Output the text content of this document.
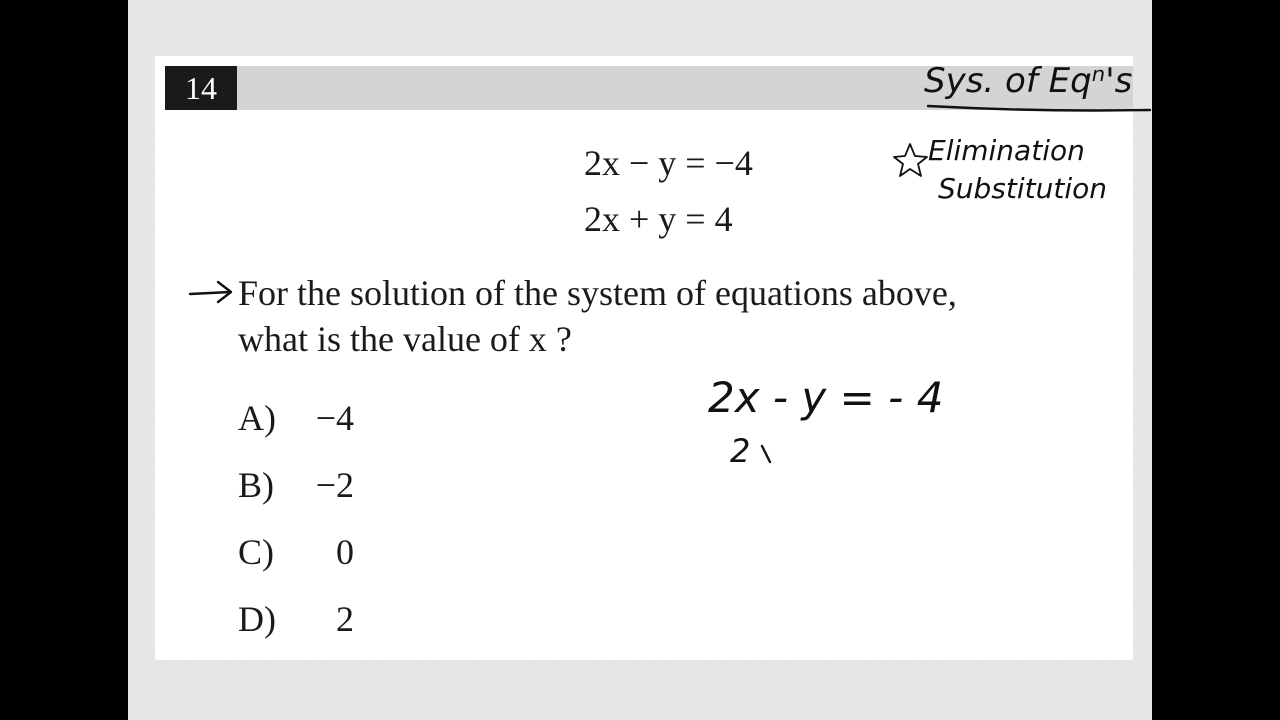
14
2x − y = −4
2x + y = 4
For the solution of the system of equations above,
what is the value of x ?
A)	−4
B)	−2
C)	0
D)	2
Sys. of Eqⁿ's
Elimination
Substitution
2x - y = - 4
2
